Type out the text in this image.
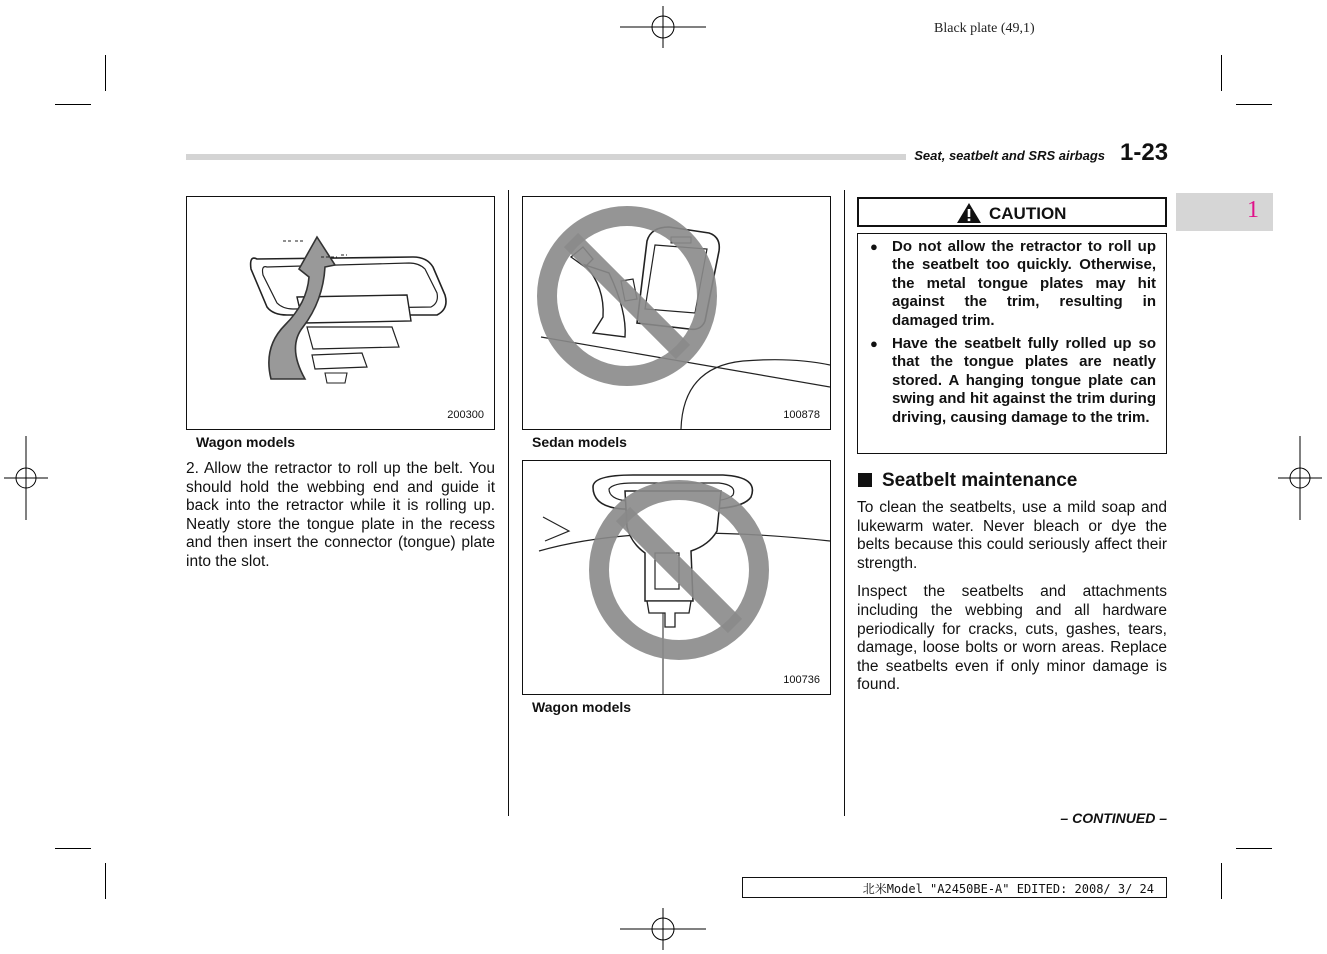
Black plate (49,1)
Seat, seatbelt and SRS airbags 1-23
1
200300
Wagon models
2. Allow the retractor to roll up the belt. You should hold the webbing end and guide it back into the retractor while it is rolling up. Neatly store the tongue plate in the recess and then insert the connector (tongue) plate into the slot.
100878
Sedan models
100736
Wagon models
CAUTION
● Do not allow the retractor to roll up the seatbelt too quickly. Otherwise, the metal tongue plates may hit against the trim, resulting in damaged trim.
● Have the seatbelt fully rolled up so that the tongue plates are neatly stored. A hanging tongue plate can swing and hit against the trim during driving, causing damage to the trim.
Seatbelt maintenance

To clean the seatbelts, use a mild soap and lukewarm water. Never bleach or dye the belts because this could seriously affect their strength.

Inspect the seatbelts and attachments including the webbing and all hardware periodically for cracks, cuts, gashes, tears, damage, loose bolts or worn areas. Replace the seatbelts even if only minor damage is found.

– CONTINUED –
北米Model "A2450BE-A" EDITED: 2008/ 3/ 24
